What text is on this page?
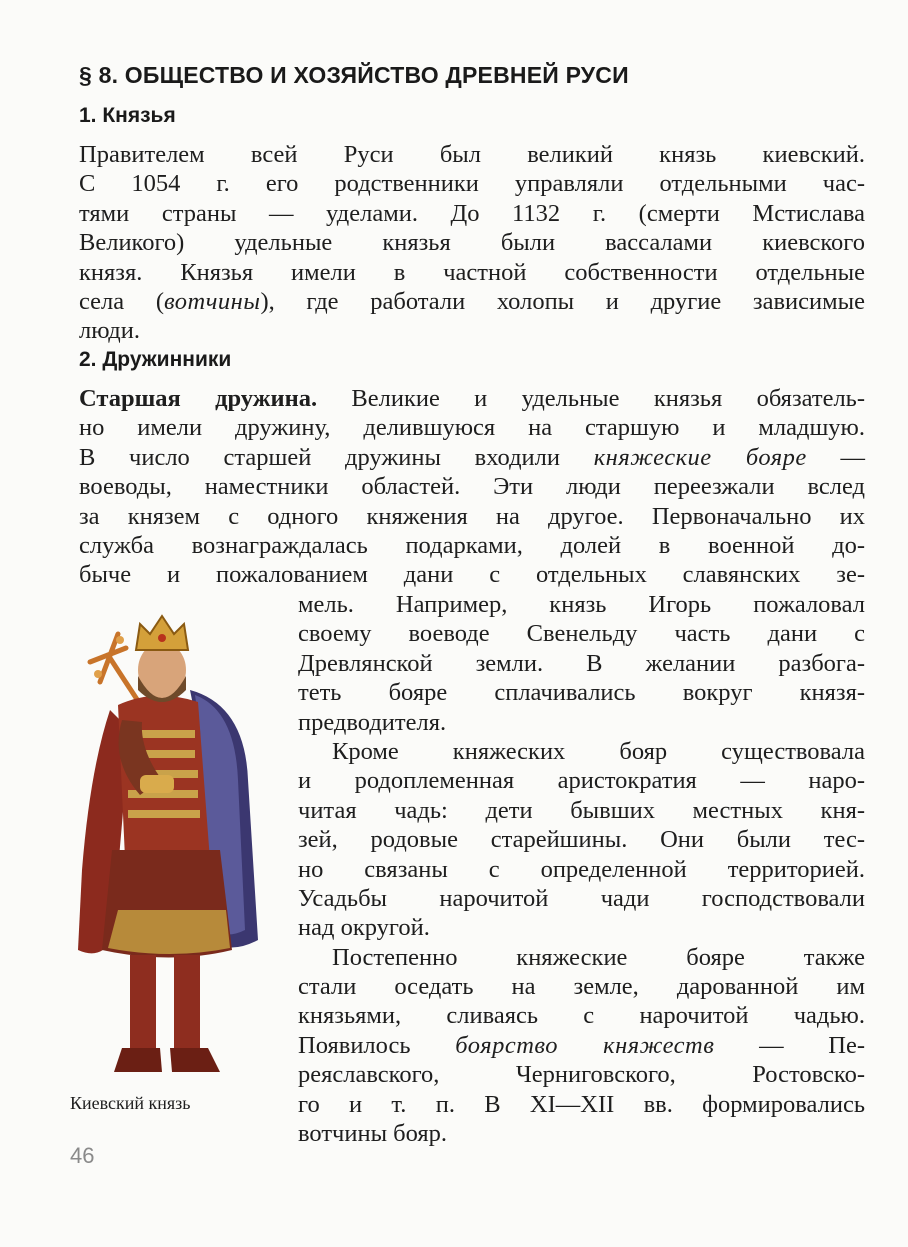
§ 8. ОБЩЕСТВО И ХОЗЯЙСТВО ДРЕВНЕЙ РУСИ
1. Князья
Правителем всей Руси был великий князь киевский.
С 1054 г. его родственники управляли отдельными час-
тями страны — уделами. До 1132 г. (смерти Мстислава
Великого) удельные князья были вассалами киевского
князя. Князья имели в частной собственности отдельные
села (вотчины), где работали холопы и другие зависимые
люди.
2. Дружинники
Старшая дружина. Великие и удельные князья обязатель-
но имели дружину, делившуюся на старшую и младшую.
В число старшей дружины входили княжеские бояре —
воеводы, наместники областей. Эти люди переезжали вслед
за князем с одного княжения на другое. Первоначально их
служба вознаграждалась подарками, долей в военной до-
быче и пожалованием дани с отдельных славянских зе-
мель. Например, князь Игорь пожаловал
своему воеводе Свенельду часть дани с
Древлянской земли. В желании разбога-
теть бояре сплачивались вокруг князя-
предводителя.
Кроме княжеских бояр существовала
и родоплеменная аристократия — наро-
читая чадь: дети бывших местных кня-
зей, родовые старейшины. Они были тес-
но связаны с определенной территорией.
Усадьбы нарочитой чади господствовали
над округой.
Постепенно княжеские бояре также
стали оседать на земле, дарованной им
князьями, сливаясь с нарочитой чадью.
Появилось боярство княжеств — Пе-
реяславского, Черниговского, Ростовско-
го и т. п. В XI—XII вв. формировались
вотчины бояр.
Киевский князь
46
